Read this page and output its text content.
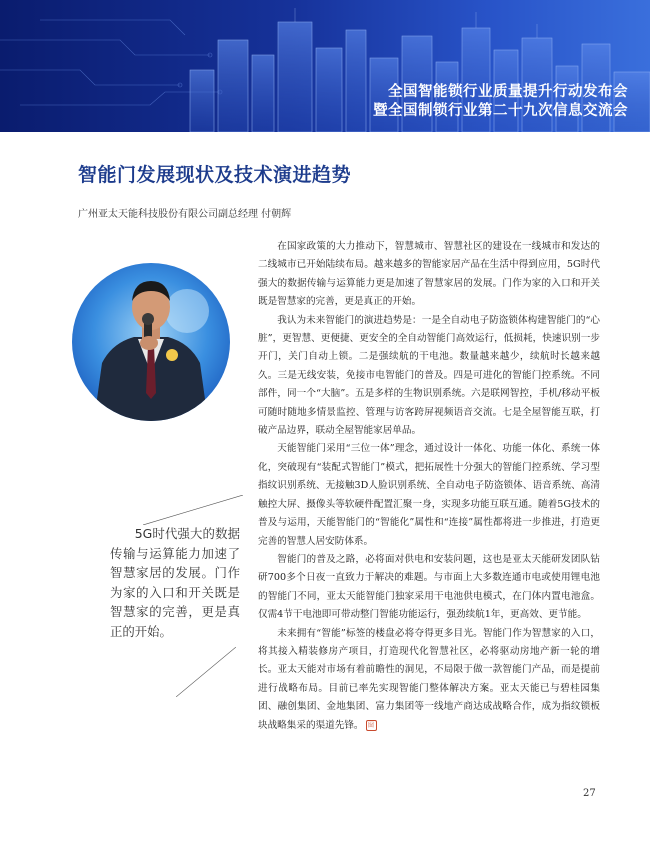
全国智能锁行业质量提升行动发布会
暨全国制锁行业第二十九次信息交流会
智能门发展现状及技术演进趋势
广州亚太天能科技股份有限公司副总经理 付朝辉

在国家政策的大力推动下，智慧城市、智慧社区的建设在一线城市和发达的二线城市已开始陆续布局。越来越多的智能家居产品在生活中得到应用，5G时代强大的数据传输与运算能力更是加速了智慧家居的发展。门作为家的入口和开关既是智慧家的完善，更是真正的开始。

我认为未来智能门的演进趋势是：一是全自动电子防盗锁体构建智能门的“心脏”，更智慧、更便捷、更安全的全自动智能门高效运行，低损耗，快速识别一步开门，关门自动上锁。二是强续航的干电池。数量越来越少，续航时长越来越久。三是无线安装，免接市电智能门的普及。四是可进化的智能门控系统。不同部件，同一个“大脑”。五是多样的生物识别系统。六是联网智控，手机/移动平板可随时随地多情景监控、管理与访客跨屏视频语音交流。七是全屋智能互联，打破产品边界，联动全屋智能家居单品。

天能智能门采用“三位一体”理念，通过设计一体化、功能一体化、系统一体化，突破现有“装配式智能门”模式，把拓展性十分强大的智能门控系统、学习型指纹识别系统、无接触3D人脸识别系统、全自动电子防盗锁体、语音系统、高清触控大屏、摄像头等软硬件配置汇聚一身，实现多功能互联互通。随着5G技术的普及与运用，天能智能门的“智能化”属性和“连接”属性都将进一步推进，打造更完善的智慧人居安防体系。

智能门的普及之路，必将面对供电和安装问题，这也是亚太天能研发团队钻研700多个日夜一直致力于解决的难题。与市面上大多数连通市电或使用锂电池的智能门不同，亚太天能智能门独家采用干电池供电模式，在门体内置电池盒。仅需4节干电池即可带动整门智能功能运行，强劲续航1年，更高效、更节能。

未来拥有“智能”标签的楼盘必将夺得更多目光。智能门作为智慧家的入口，将其接入精装修房产项目，打造现代化智慧社区，必将驱动房地产新一轮的增长。亚太天能对市场有着前瞻性的洞见，不局限于做一款智能门产品，而是提前进行战略布局。目前已率先实现智能门整体解决方案。亚太天能已与碧桂园集团、融创集团、金地集团、富力集团等一线地产商达成战略合作，成为指纹锁板块战略集采的渠道先锋。 囧

5G时代强大的数据传输与运算能力加速了智慧家居的发展。门作为家的入口和开关既是智慧家的完善，更是真正的开始。
27
